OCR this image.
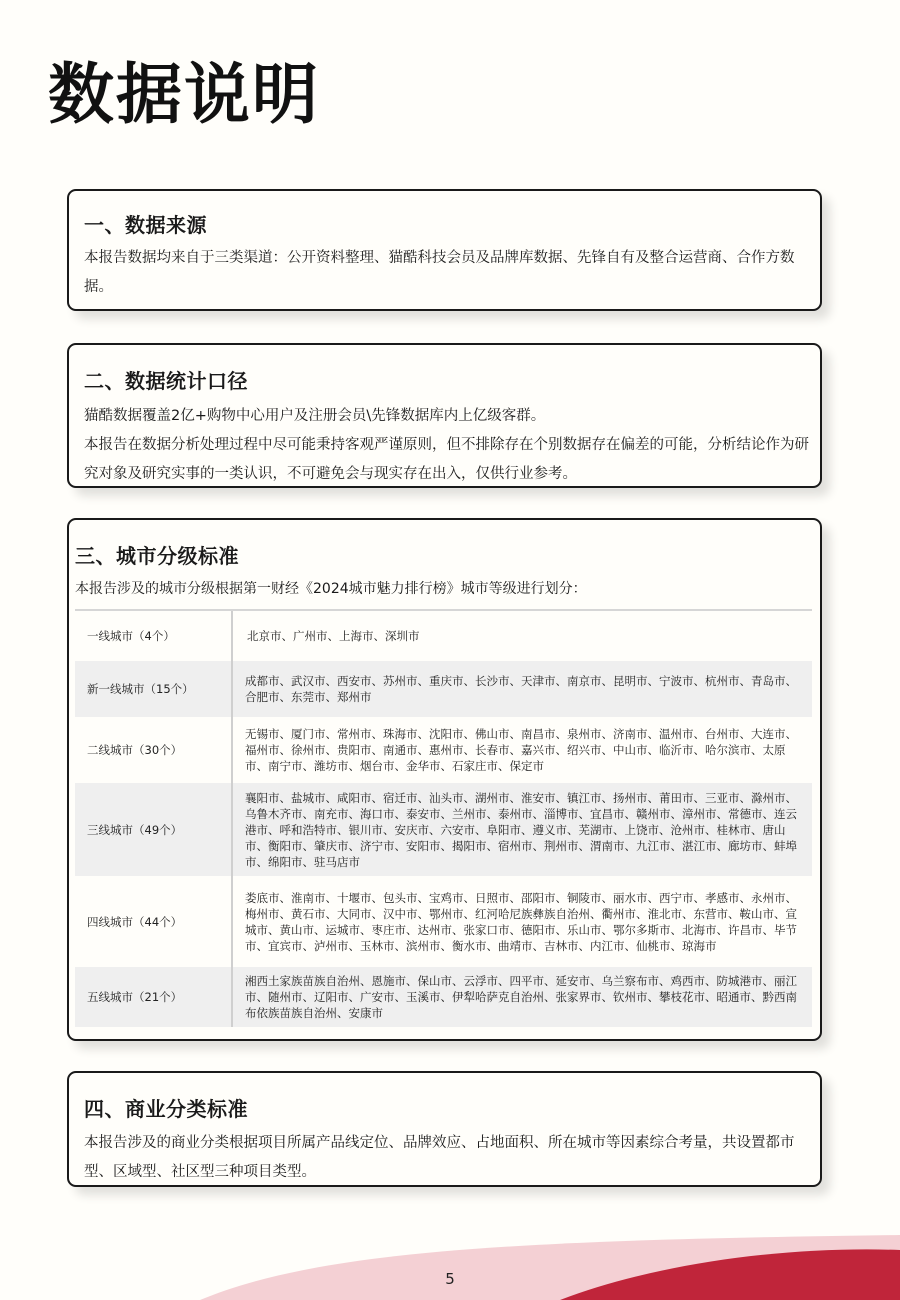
数据说明
一、数据来源

本报告数据均来自于三类渠道：公开资料整理、猫酷科技会员及品牌库数据、先锋自有及整合运营商、合作方数据。

二、数据统计口径

猫酷数据覆盖2亿+购物中心用户及注册会员\先锋数据库内上亿级客群。

本报告在数据分析处理过程中尽可能秉持客观严谨原则，但不排除存在个别数据存在偏差的可能，分析结论作为研究对象及研究实事的一类认识，不可避免会与现实存在出入，仅供行业参考。

三、城市分级标准

本报告涉及的城市分级根据第一财经《2024城市魅力排行榜》城市等级进行划分：

一线城市（4个）	北京市、广州市、上海市、深圳市
新一线城市（15个）
成都市、武汉市、西安市、苏州市、重庆市、长沙市、天津市、南京市、昆明市、宁波市、杭州市、青岛市、合肥市、东莞市、郑州市
二线城市（30个）
无锡市、厦门市、常州市、珠海市、沈阳市、佛山市、南昌市、泉州市、济南市、温州市、台州市、大连市、福州市、徐州市、贵阳市、南通市、惠州市、长春市、嘉兴市、绍兴市、中山市、临沂市、哈尔滨市、太原市、南宁市、潍坊市、烟台市、金华市、石家庄市、保定市
三线城市（49个）
襄阳市、盐城市、咸阳市、宿迁市、汕头市、湖州市、淮安市、镇江市、扬州市、莆田市、三亚市、滁州市、乌鲁木齐市、南充市、海口市、泰安市、兰州市、泰州市、淄博市、宜昌市、赣州市、漳州市、常德市、连云港市、呼和浩特市、银川市、安庆市、六安市、阜阳市、遵义市、芜湖市、上饶市、沧州市、桂林市、唐山市、衡阳市、肇庆市、济宁市、安阳市、揭阳市、宿州市、荆州市、渭南市、九江市、湛江市、廊坊市、蚌埠市、绵阳市、驻马店市
四线城市（44个）
娄底市、淮南市、十堰市、包头市、宝鸡市、日照市、邵阳市、铜陵市、丽水市、西宁市、孝感市、永州市、梅州市、黄石市、大同市、汉中市、鄂州市、红河哈尼族彝族自治州、衢州市、淮北市、东营市、鞍山市、宣城市、黄山市、运城市、枣庄市、达州市、张家口市、德阳市、乐山市、鄂尔多斯市、北海市、许昌市、毕节市、宜宾市、泸州市、玉林市、滨州市、衡水市、曲靖市、吉林市、内江市、仙桃市、琼海市
五线城市（21个）
湘西土家族苗族自治州、恩施市、保山市、云浮市、四平市、延安市、乌兰察布市、鸡西市、防城港市、丽江市、随州市、辽阳市、广安市、玉溪市、伊犁哈萨克自治州、张家界市、钦州市、攀枝花市、昭通市、黔西南布依族苗族自治州、安康市
四、商业分类标准

本报告涉及的商业分类根据项目所属产品线定位、品牌效应、占地面积、所在城市等因素综合考量，共设置都市型、区域型、社区型三种项目类型。

5
